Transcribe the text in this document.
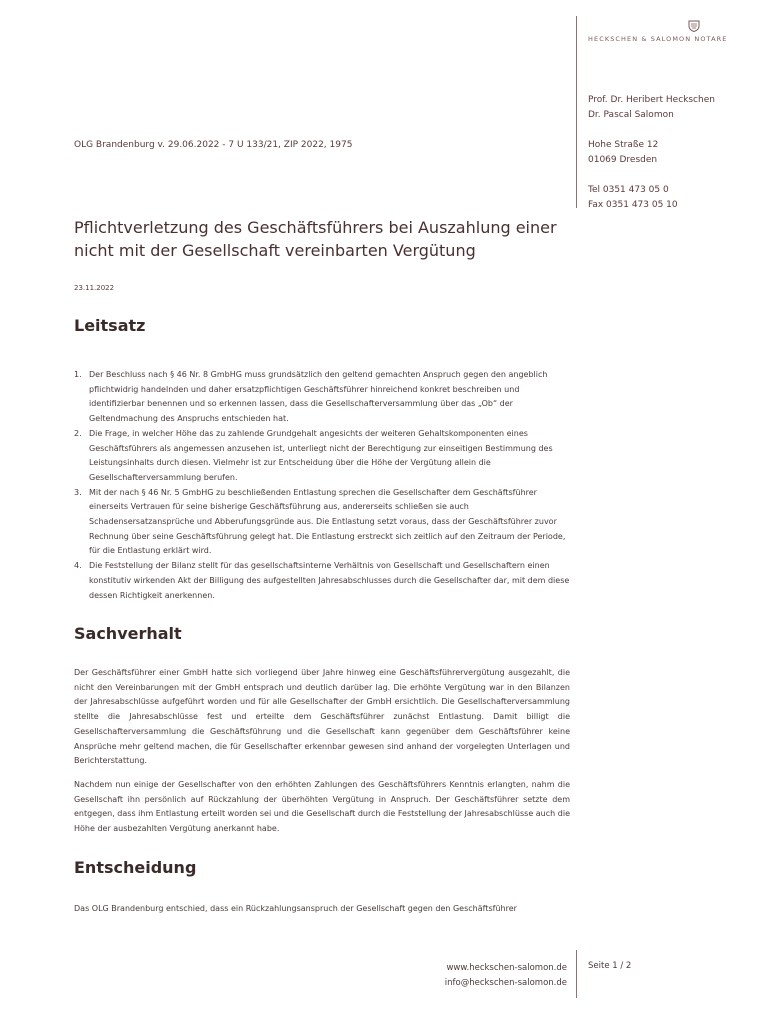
HECKSCHEN & SALOMON NOTARE

Prof. Dr. Heribert Heckschen

Dr. Pascal Salomon

Hohe Straße 12

01069 Dresden

Tel 0351 473 05 0

Fax 0351 473 05 10

OLG Brandenburg v. 29.06.2022 - 7 U 133/21, ZIP 2022, 1975
Pflichtverletzung des Geschäftsführers bei Auszahlung einer nicht mit der Gesellschaft vereinbarten Vergütung
23.11.2022
Leitsatz
1. Der Beschluss nach § 46 Nr. 8 GmbHG muss grundsätzlich den geltend gemachten Anspruch gegen den angeblich pflichtwidrig handelnden und daher ersatzpflichtigen Geschäftsführer hinreichend konkret beschreiben und identifizierbar benennen und so erkennen lassen, dass die Gesellschafterversammlung über das „Ob“ der Geltendmachung des Anspruchs entschieden hat.
2. Die Frage, in welcher Höhe das zu zahlende Grundgehalt angesichts der weiteren Gehaltskomponenten eines Geschäftsführers als angemessen anzusehen ist, unterliegt nicht der Berechtigung zur einseitigen Bestimmung des Leistungsinhalts durch diesen. Vielmehr ist zur Entscheidung über die Höhe der Vergütung allein die Gesellschafterversammlung berufen.
3. Mit der nach § 46 Nr. 5 GmbHG zu beschließenden Entlastung sprechen die Gesellschafter dem Geschäftsführer einerseits Vertrauen für seine bisherige Geschäftsführung aus, andererseits schließen sie auch Schadensersatzansprüche und Abberufungsgründe aus. Die Entlastung setzt voraus, dass der Geschäftsführer zuvor Rechnung über seine Geschäftsführung gelegt hat. Die Entlastung erstreckt sich zeitlich auf den Zeitraum der Periode, für die Entlastung erklärt wird.
4. Die Feststellung der Bilanz stellt für das gesellschaftsinterne Verhältnis von Gesellschaft und Gesellschaftern einen konstitutiv wirkenden Akt der Billigung des aufgestellten Jahresabschlusses durch die Gesellschafter dar, mit dem diese dessen Richtigkeit anerkennen.
Sachverhalt

Der Geschäftsführer einer GmbH hatte sich vorliegend über Jahre hinweg eine Geschäftsführervergütung ausgezahlt, die nicht den Vereinbarungen mit der GmbH entsprach und deutlich darüber lag. Die erhöhte Vergütung war in den Bilanzen der Jahresabschlüsse aufgeführt worden und für alle Gesellschafter der GmbH ersichtlich. Die Gesellschafterversammlung stellte die Jahresabschlüsse fest und erteilte dem Geschäftsführer zunächst Entlastung. Damit billigt die Gesellschafterversammlung die Geschäftsführung und die Gesellschaft kann gegenüber dem Geschäftsführer keine Ansprüche mehr geltend machen, die für Gesellschafter erkennbar gewesen sind anhand der vorgelegten Unterlagen und Berichterstattung.

Nachdem nun einige der Gesellschafter von den erhöhten Zahlungen des Geschäftsführers Kenntnis erlangten, nahm die Gesellschaft ihn persönlich auf Rückzahlung der überhöhten Vergütung in Anspruch. Der Geschäftsführer setzte dem entgegen, dass ihm Entlastung erteilt worden sei und die Gesellschaft durch die Feststellung der Jahresabschlüsse auch die Höhe der ausbezahlten Vergütung anerkannt habe.

Entscheidung

Das OLG Brandenburg entschied, dass ein Rückzahlungsanspruch der Gesellschaft gegen den Geschäftsführer

www.heckschen-salomon.de

info@heckschen-salomon.de

Seite 1 / 2
